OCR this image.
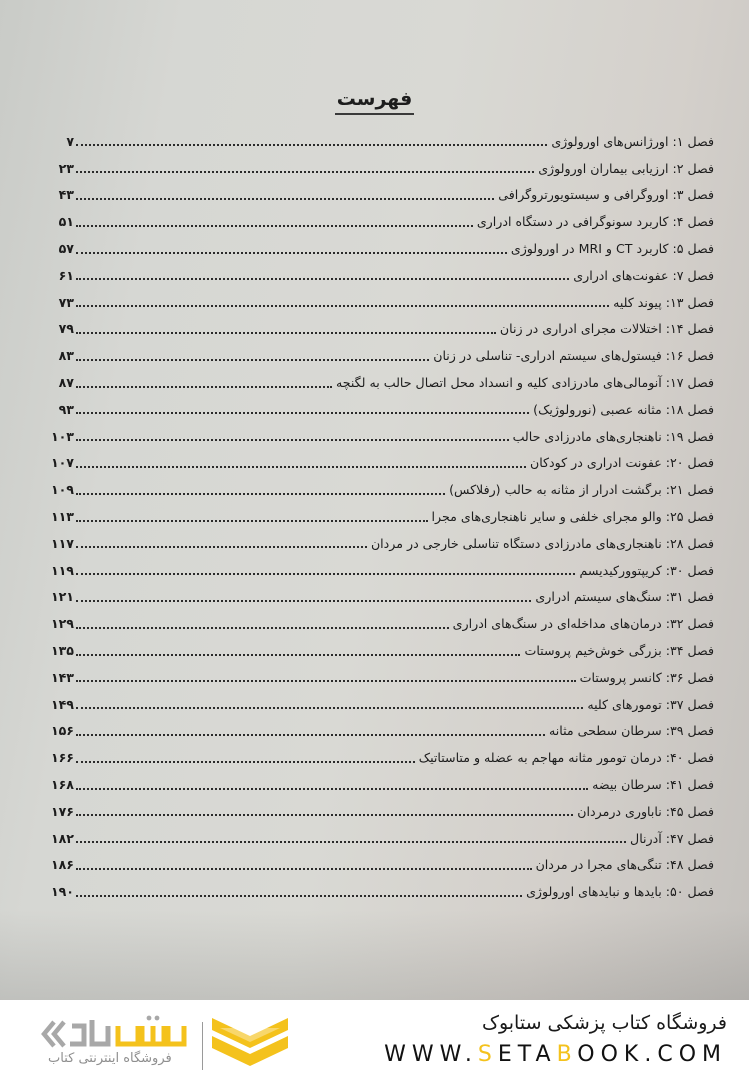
فهرست
فصل ۱: اورژانس‌های اورولوژی
۷
فصل ۲: ارزیابی بیماران اورولوژی
۲۳
فصل ۳: اوروگرافی و سیستویورتروگرافی
۴۳
فصل ۴: کاربرد سونوگرافی در دستگاه ادراری
۵۱
فصل ۵: کاربرد CT و MRI در اورولوژی
۵۷
فصل ۷: عفونت‌های ادراری
۶۱
فصل ۱۳: پیوند کلیه
۷۳
فصل ۱۴: اختلالات مجرای ادراری در زنان
۷۹
فصل ۱۶: فیستول‌های سیستم ادراری- تناسلی در زنان
۸۳
فصل ۱۷: آنومالی‌های مادرزادی کلیه و انسداد محل اتصال حالب به لگنچه
۸۷
فصل ۱۸: مثانه عصبی (نورولوژیک)
۹۳
فصل ۱۹: ناهنجاری‌های مادرزادی حالب
۱۰۳
فصل ۲۰: عفونت ادراری در کودکان
۱۰۷
فصل ۲۱: برگشت ادرار از مثانه به حالب (رفلاکس)
۱۰۹
فصل ۲۵: والو مجرای خلفی و سایر ناهنجاری‌های مجرا
۱۱۳
فصل ۲۸: ناهنجاری‌های مادرزادی دستگاه تناسلی خارجی در مردان
۱۱۷
فصل ۳۰: کریپتوورکیدیسم
۱۱۹
فصل ۳۱: سنگ‌های سیستم ادراری
۱۲۱
فصل ۳۲: درمان‌های مداخله‌ای در سنگ‌های ادراری
۱۲۹
فصل ۳۴: بزرگی خوش‌خیم پروستات
۱۳۵
فصل ۳۶: کانسر پروستات
۱۴۳
فصل ۳۷: تومورهای کلیه
۱۴۹
فصل ۳۹: سرطان سطحی مثانه
۱۵۶
فصل ۴۰: درمان تومور مثانه مهاجم به عضله و متاستاتیک
۱۶۶
فصل ۴۱: سرطان بیضه
۱۶۸
فصل ۴۵: ناباوری درمردان
۱۷۶
فصل ۴۷: آدرنال
۱۸۲
فصل ۴۸: تنگی‌های مجرا در مردان
۱۸۶
فصل ۵۰: بایدها و نبایدهای اورولوژی
۱۹۰
فروشگاه اینترنتی کتاب
فروشگاه کتاب پزشکی ستابوک
WWW.SETABOOK.COM
